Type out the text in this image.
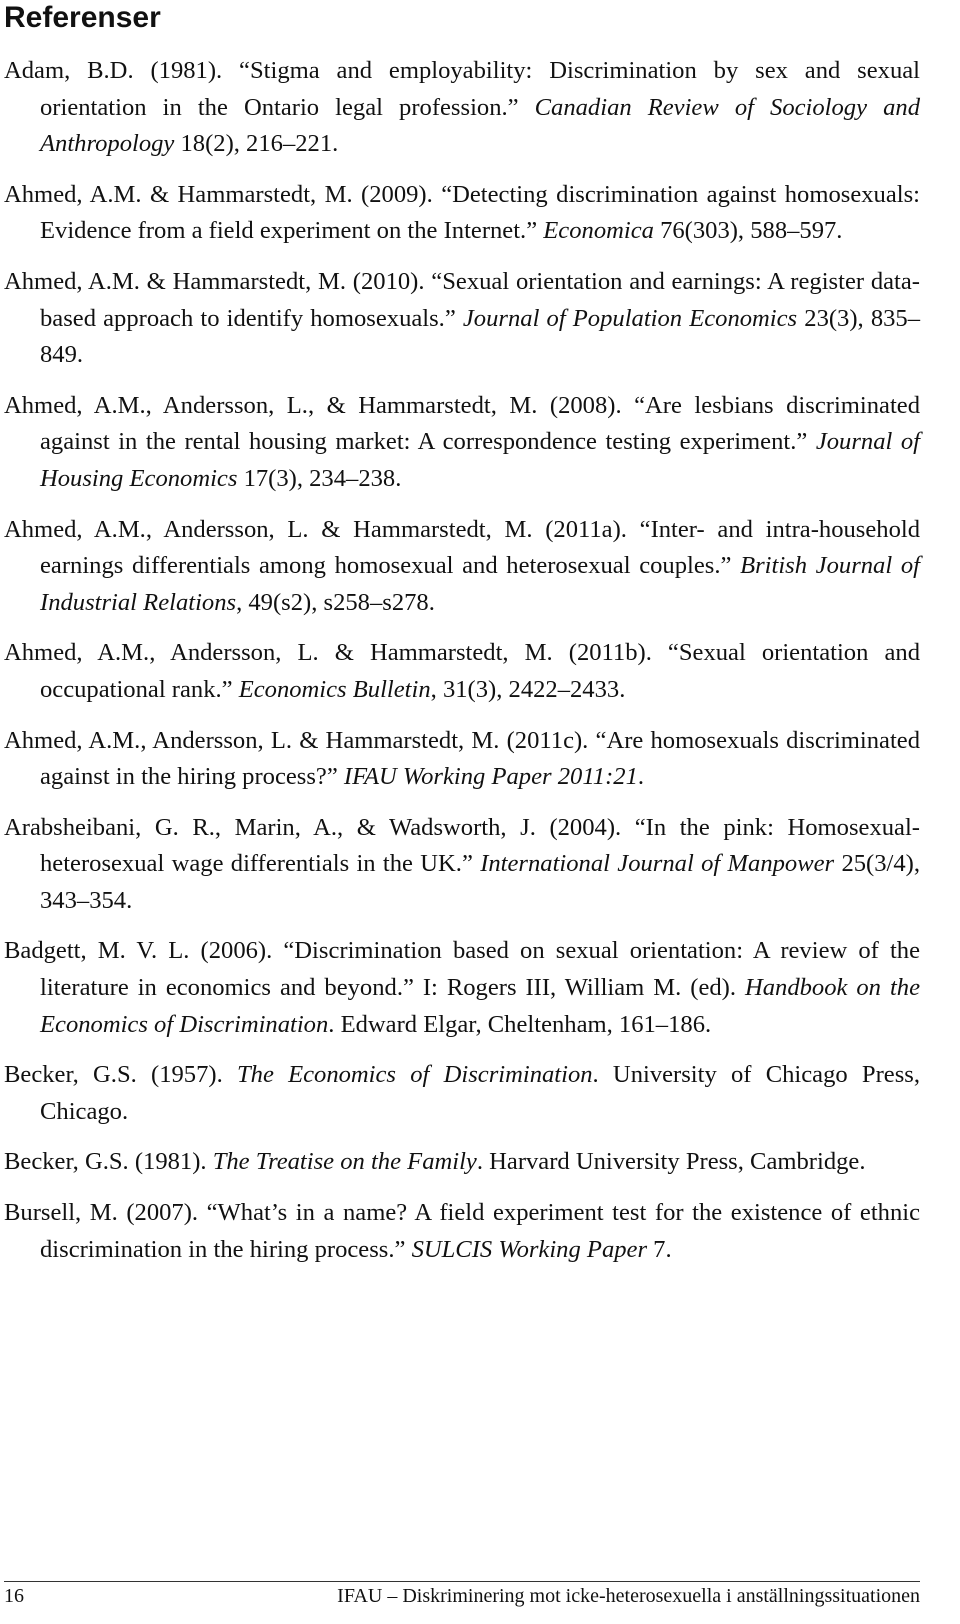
Referenser
Adam, B.D. (1981). “Stigma and employability: Discrimination by sex and sexual orientation in the Ontario legal profession.” Canadian Review of Sociology and Anthropology 18(2), 216–221.
Ahmed, A.M. & Hammarstedt, M. (2009). “Detecting discrimination against homosexuals: Evidence from a field experiment on the Internet.” Economica 76(303), 588–597.
Ahmed, A.M. & Hammarstedt, M. (2010). “Sexual orientation and earnings: A register data-based approach to identify homosexuals.” Journal of Population Economics 23(3), 835–849.
Ahmed, A.M., Andersson, L., & Hammarstedt, M. (2008). “Are lesbians discriminated against in the rental housing market: A correspondence testing experiment.” Journal of Housing Economics 17(3), 234–238.
Ahmed, A.M., Andersson, L. & Hammarstedt, M. (2011a). “Inter- and intra-household earnings differentials among homosexual and heterosexual couples.” British Journal of Industrial Relations, 49(s2), s258–s278.
Ahmed, A.M., Andersson, L. & Hammarstedt, M. (2011b). “Sexual orientation and occupational rank.” Economics Bulletin, 31(3), 2422–2433.
Ahmed, A.M., Andersson, L. & Hammarstedt, M. (2011c). “Are homosexuals discriminated against in the hiring process?” IFAU Working Paper 2011:21.
Arabsheibani, G. R., Marin, A., & Wadsworth, J. (2004). “In the pink: Homosexual-heterosexual wage differentials in the UK.” International Journal of Manpower 25(3/4), 343–354.
Badgett, M. V. L. (2006). “Discrimination based on sexual orientation: A review of the literature in economics and beyond.” I: Rogers III, William M. (ed). Handbook on the Economics of Discrimination. Edward Elgar, Cheltenham, 161–186.
Becker, G.S. (1957). The Economics of Discrimination. University of Chicago Press, Chicago.
Becker, G.S. (1981). The Treatise on the Family. Harvard University Press, Cambridge.
Bursell, M. (2007). “What’s in a name? A field experiment test for the existence of ethnic discrimination in the hiring process.” SULCIS Working Paper 7.
16	IFAU – Diskriminering mot icke-heterosexuella i anställningssituationen
